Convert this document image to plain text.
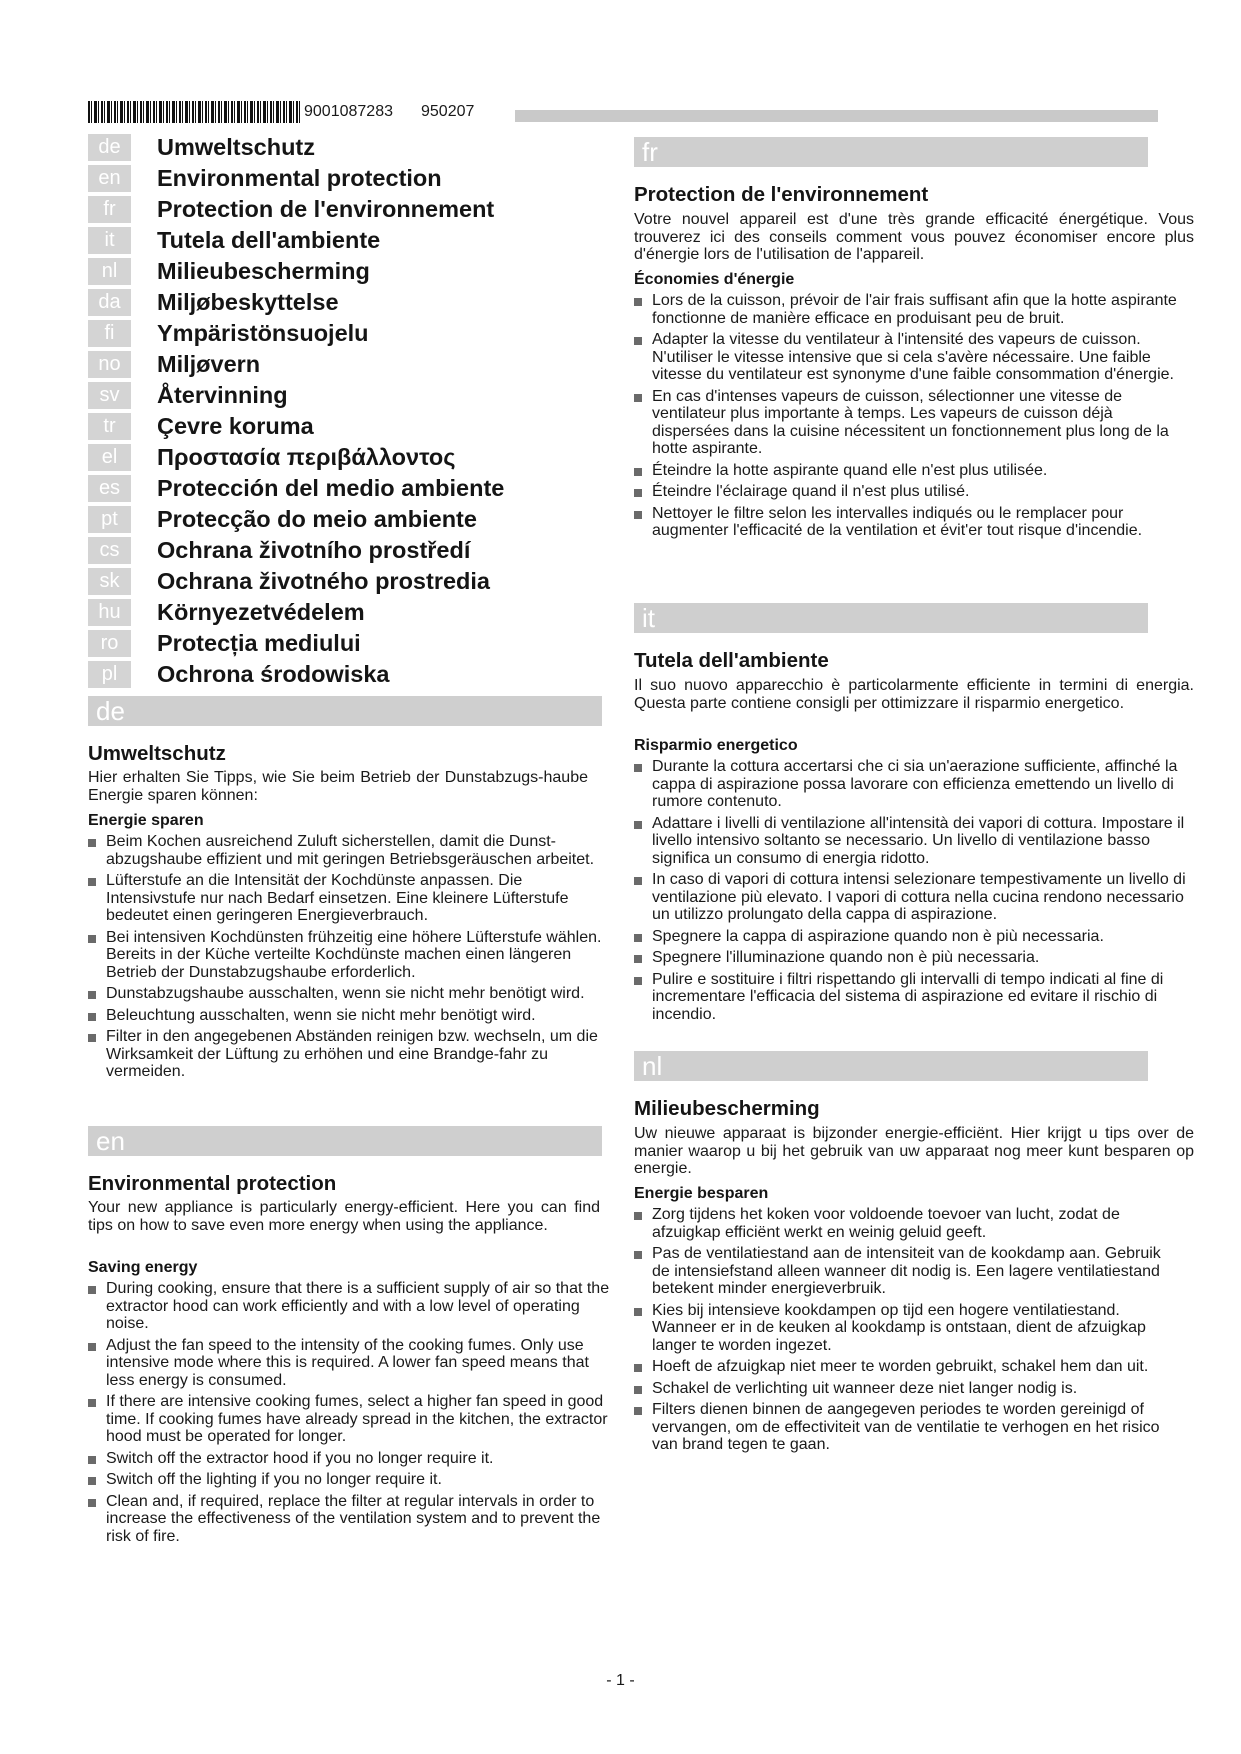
9001087283 950207
de	Umweltschutz
en	Environmental protection
fr	Protection de l'environnement
it	Tutela dell'ambiente
nl	Milieubescherming
da	Miljøbeskyttelse
fi	Ympäristönsuojelu
no	Miljøvern
sv	Återvinning
tr	Çevre koruma
el	Προστασία περιβάλλοντος
es	Protección del medio ambiente
pt	Protecção do meio ambiente
cs	Ochrana životního prostředí
sk	Ochrana životného prostredia
hu	Környezetvédelem
ro	Protecția mediului
pl	Ochrona środowiska
de
Umweltschutz
Hier erhalten Sie Tipps, wie Sie beim Betrieb der Dunstabzugs-haube Energie sparen können:
Energie sparen
Beim Kochen ausreichend Zuluft sicherstellen, damit die Dunst-abzugshaube effizient und mit geringen Betriebsgeräuschen arbeitet.
Lüfterstufe an die Intensität der Kochdünste anpassen. Die Intensivstufe nur nach Bedarf einsetzen. Eine kleinere Lüfterstufe bedeutet einen geringeren Energieverbrauch.
Bei intensiven Kochdünsten frühzeitig eine höhere Lüfterstufe wählen. Bereits in der Küche verteilte Kochdünste machen einen längeren Betrieb der Dunstabzugshaube erforderlich.
Dunstabzugshaube ausschalten, wenn sie nicht mehr benötigt wird.
Beleuchtung ausschalten, wenn sie nicht mehr benötigt wird.
Filter in den angegebenen Abständen reinigen bzw. wechseln, um die Wirksamkeit der Lüftung zu erhöhen und eine Brandge-fahr zu vermeiden.
en
Environmental protection
Your new appliance is particularly energy-efficient. Here you can find tips on how to save even more energy when using the appliance.
Saving energy
During cooking, ensure that there is a sufficient supply of air so that the extractor hood can work efficiently and with a low level of operating noise.
Adjust the fan speed to the intensity of the cooking fumes. Only use intensive mode where this is required. A lower fan speed means that less energy is consumed.
If there are intensive cooking fumes, select a higher fan speed in good time. If cooking fumes have already spread in the kitchen, the extractor hood must be operated for longer.
Switch off the extractor hood if you no longer require it.
Switch off the lighting if you no longer require it.
Clean and, if required, replace the filter at regular intervals in order to increase the effectiveness of the ventilation system and to prevent the risk of fire.
fr
Protection de l'environnement
Votre nouvel appareil est d'une très grande efficacité énergétique. Vous trouverez ici des conseils comment vous pouvez économiser encore plus d'énergie lors de l'utilisation de l'appareil.
Économies d'énergie
Lors de la cuisson, prévoir de l'air frais suffisant afin que la hotte aspirante fonctionne de manière efficace en produisant peu de bruit.
Adapter la vitesse du ventilateur à l'intensité des vapeurs de cuisson. N'utiliser le vitesse intensive que si cela s'avère nécessaire. Une faible vitesse du ventilateur est synonyme d'une faible consommation d'énergie.
En cas d'intenses vapeurs de cuisson, sélectionner une vitesse de ventilateur plus importante à temps. Les vapeurs de cuisson déjà dispersées dans la cuisine nécessitent un fonctionnement plus long de la hotte aspirante.
Éteindre la hotte aspirante quand elle n'est plus utilisée.
Éteindre l'éclairage quand il n'est plus utilisé.
Nettoyer le filtre selon les intervalles indiqués ou le remplacer pour augmenter l'efficacité de la ventilation et évit'er tout risque d'incendie.
it
Tutela dell'ambiente
Il suo nuovo apparecchio è particolarmente efficiente in termini di energia. Questa parte contiene consigli per ottimizzare il risparmio energetico.
Risparmio energetico
Durante la cottura accertarsi che ci sia un'aerazione sufficiente, affinché la cappa di aspirazione possa lavorare con efficienza emettendo un livello di rumore contenuto.
Adattare i livelli di ventilazione all'intensità dei vapori di cottura. Impostare il livello intensivo soltanto se necessario. Un livello di ventilazione basso significa un consumo di energia ridotto.
In caso di vapori di cottura intensi selezionare tempestivamente un livello di ventilazione più elevato. I vapori di cottura nella cucina rendono necessario un utilizzo prolungato della cappa di aspirazione.
Spegnere la cappa di aspirazione quando non è più necessaria.
Spegnere l'illuminazione quando non è più necessaria.
Pulire e sostituire i filtri rispettando gli intervalli di tempo indicati al fine di incrementare l'efficacia del sistema di aspirazione ed evitare il rischio di incendio.
nl
Milieubescherming
Uw nieuwe apparaat is bijzonder energie-efficiënt. Hier krijgt u tips over de manier waarop u bij het gebruik van uw apparaat nog meer kunt besparen op energie.
Energie besparen
Zorg tijdens het koken voor voldoende toevoer van lucht, zodat de afzuigkap efficiënt werkt en weinig geluid geeft.
Pas de ventilatiestand aan de intensiteit van de kookdamp aan. Gebruik de intensiefstand alleen wanneer dit nodig is. Een lagere ventilatiestand betekent minder energieverbruik.
Kies bij intensieve kookdampen op tijd een hogere ventilatiestand. Wanneer er in de keuken al kookdamp is ontstaan, dient de afzuigkap langer te worden ingezet.
Hoeft de afzuigkap niet meer te worden gebruikt, schakel hem dan uit.
Schakel de verlichting uit wanneer deze niet langer nodig is.
Filters dienen binnen de aangegeven periodes te worden gereinigd of vervangen, om de effectiviteit van de ventilatie te verhogen en het risico van brand tegen te gaan.
- 1 -
